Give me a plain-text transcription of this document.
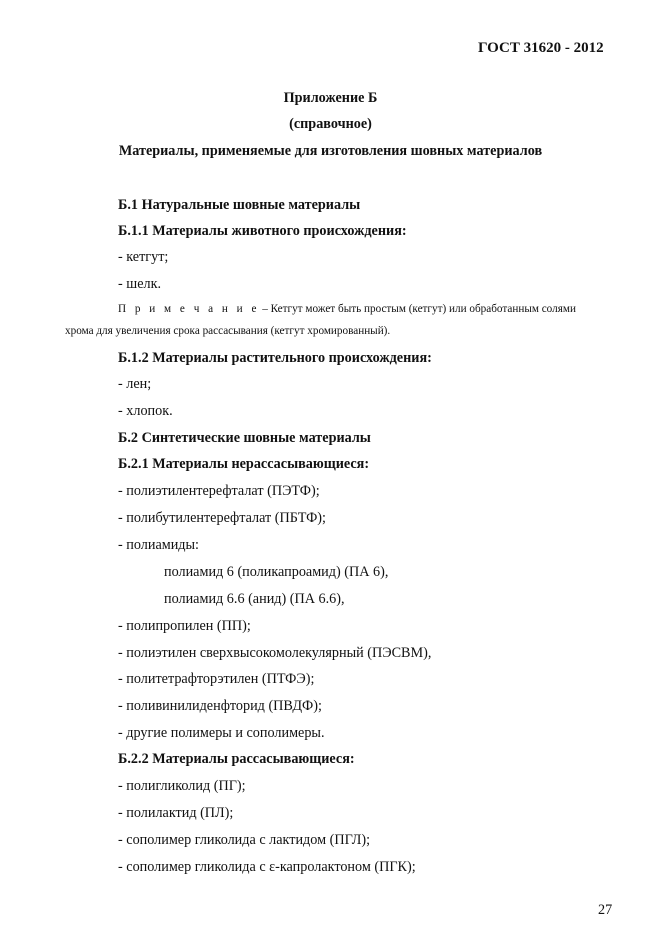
ГОСТ 31620 - 2012
Приложение Б
(справочное)
Материалы, применяемые для изготовления шовных материалов
Б.1 Натуральные шовные материалы
Б.1.1 Материалы животного происхождения:
- кетгут;
- шелк.
П р и м е ч а н и е – Кетгут может быть простым (кетгут) или обработанным солями
хрома для увеличения срока рассасывания (кетгут хромированный).
Б.1.2 Материалы растительного происхождения:
- лен;
- хлопок.
Б.2 Синтетические шовные материалы
Б.2.1 Материалы нерассасывающиеся:
- полиэтилентерефталат (ПЭТФ);
- полибутилентерефталат (ПБТФ);
- полиамиды:
полиамид 6 (поликапроамид) (ПА 6),
полиамид 6.6 (анид) (ПА 6.6),
- полипропилен (ПП);
- полиэтилен сверхвысокомолекулярный (ПЭСВМ),
- политетрафторэтилен (ПТФЭ);
- поливинилиденфторид (ПВДФ);
- другие полимеры и сополимеры.
Б.2.2 Материалы рассасывающиеся:
- полигликолид (ПГ);
- полилактид (ПЛ);
- сополимер гликолида с лактидом (ПГЛ);
- сополимер гликолида с ε-капролактоном (ПГК);
27
